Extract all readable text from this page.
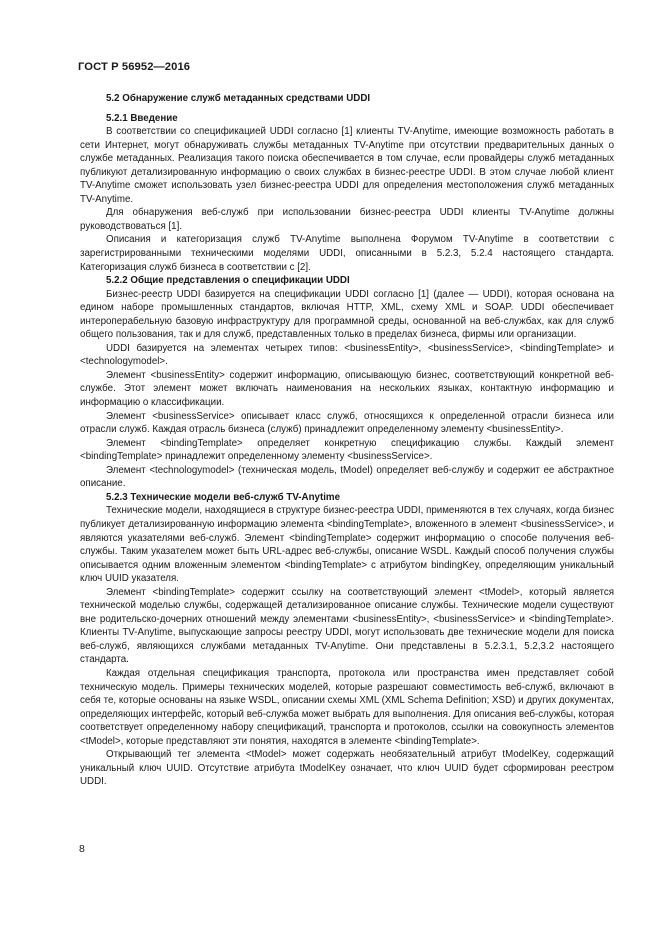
ГОСТ Р 56952—2016
5.2 Обнаружение служб метаданных средствами UDDI
5.2.1 Введение

В соответствии со спецификацией UDDI согласно [1] клиенты TV-Anytime, имеющие возможность работать в сети Интернет, могут обнаруживать службы метаданных TV-Anytime при отсутствии предварительных данных о службе метаданных. Реализация такого поиска обеспечивается в том случае, если провайдеры служб метаданных публикуют детализированную информацию о своих службах в бизнес-реестре UDDI. В этом случае любой клиент TV-Anytime сможет использовать узел бизнес-реестра UDDI для определения местоположения служб метаданных TV-Anytime.

Для обнаружения веб-служб при использовании бизнес-реестра UDDI клиенты TV-Anytime должны руководствоваться [1].

Описания и категоризация служб TV-Anytime выполнена Форумом TV-Anytime в соответствии с зарегистрированными техническими моделями UDDI, описанными в 5.2.3, 5.2.4 настоящего стандарта. Категоризация служб бизнеса в соответствии с [2].

5.2.2 Общие представления о спецификации UDDI

Бизнес-реестр UDDI базируется на спецификации UDDI согласно [1] (далее — UDDI), которая основана на едином наборе промышленных стандартов, включая HTTP, XML, схему XML и SOAP. UDDI обеспечивает интероперабельную базовую инфраструктуру для программной среды, основанной на веб-службах, как для служб общего пользования, так и для служб, представленных только в пределах бизнеса, фирмы или организации.

UDDI базируется на элементах четырех типов: <businessEntity>, <businessService>, <bindingTemplate> и <technologymodel>.

Элемент <businessEntity> содержит информацию, описывающую бизнес, соответствующий конкретной веб-службе. Этот элемент может включать наименования на нескольких языках, контактную информацию и информацию о классификации.

Элемент <businessService> описывает класс служб, относящихся к определенной отрасли бизнеса или отрасли служб. Каждая отрасль бизнеса (служб) принадлежит определенному элементу <businessEntity>.

Элемент <bindingTemplate> определяет конкретную спецификацию службы. Каждый элемент <bindingTemplate> принадлежит определенному элементу <businessService>.

Элемент <technologymodel> (техническая модель, tModel) определяет веб-службу и содержит ее абстрактное описание.

5.2.3 Технические модели веб-служб TV-Anytime

Технические модели, находящиеся в структуре бизнес-реестра UDDI, применяются в тех случаях, когда бизнес публикует детализированную информацию элемента <bindingTemplate>, вложенного в элемент <businessService>, и являются указателями веб-служб. Элемент <bindingTemplate> содержит информацию о способе получения веб-службы. Таким указателем может быть URL-адрес веб-службы, описание WSDL. Каждый способ получения службы описывается одним вложенным элементом <bindingTemplate> с атрибутом bindingKey, определяющим уникальный ключ UUID указателя.

Элемент <bindingTemplate> содержит ссылку на соответствующий элемент <tModel>, который является технической моделью службы, содержащей детализированное описание службы. Технические модели существуют вне родительско-дочерних отношений между элементами <businessEntity>, <businessService> и <bindingTemplate>. Клиенты TV-Anytime, выпускающие запросы реестру UDDI, могут использовать две технические модели для поиска веб-служб, являющихся службами метаданных TV-Anytime. Они представлены в 5.2.3.1, 5.2,3.2 настоящего стандарта.

Каждая отдельная спецификация транспорта, протокола или пространства имен представляет собой техническую модель. Примеры технических моделей, которые разрешают совместимость веб-служб, включают в себя те, которые основаны на языке WSDL, описании схемы XML (XML Schema Definition; XSD) и других документах, определяющих интерфейс, который веб-служба может выбрать для выполнения. Для описания веб-службы, которая соответствует определенному набору спецификаций, транспорта и протоколов, ссылки на совокупность элементов <tModel>, которые представляют эти понятия, находятся в элементе <bindingTemplate>.

Открывающий тег элемента <tModel> может содержать необязательный атрибут tModelKey, содержащий уникальный ключ UUID. Отсутствие атрибута tModelKey означает, что ключ UUID будет сформирован реестром UDDI.

8
